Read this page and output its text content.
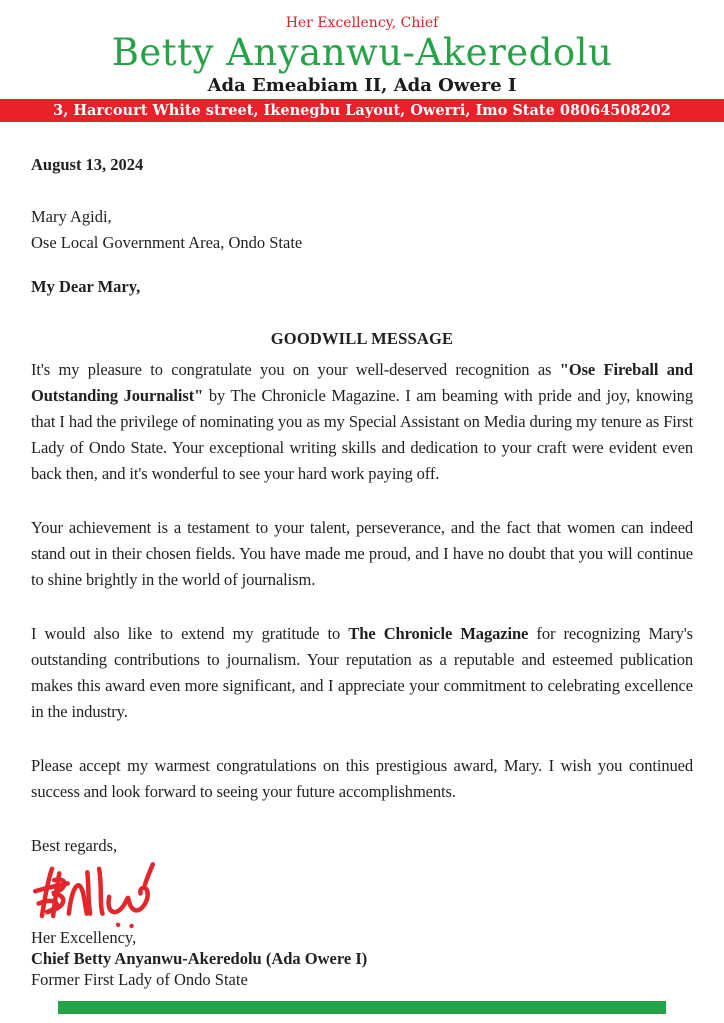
Her Excellency, Chief
Betty Anyanwu-Akeredolu
Ada Emeabiam II, Ada Owere I
3, Harcourt White street, Ikenegbu Layout, Owerri, Imo State 08064508202
August 13, 2024
Mary Agidi,
Ose Local Government Area, Ondo State
My Dear Mary,
GOODWILL MESSAGE

It's my pleasure to congratulate you on your well-deserved recognition as "Ose Fireball and Outstanding Journalist" by The Chronicle Magazine. I am beaming with pride and joy, knowing that I had the privilege of nominating you as my Special Assistant on Media during my tenure as First Lady of Ondo State. Your exceptional writing skills and dedication to your craft were evident even back then, and it's wonderful to see your hard work paying off.

Your achievement is a testament to your talent, perseverance, and the fact that women can indeed stand out in their chosen fields. You have made me proud, and I have no doubt that you will continue to shine brightly in the world of journalism.

I would also like to extend my gratitude to The Chronicle Magazine for recognizing Mary's outstanding contributions to journalism. Your reputation as a reputable and esteemed publication makes this award even more significant, and I appreciate your commitment to celebrating excellence in the industry.

Please accept my warmest congratulations on this prestigious award, Mary. I wish you continued success and look forward to seeing your future accomplishments.

Best regards,
Her Excellency,
Chief Betty Anyanwu-Akeredolu (Ada Owere I)
Former First Lady of Ondo State
